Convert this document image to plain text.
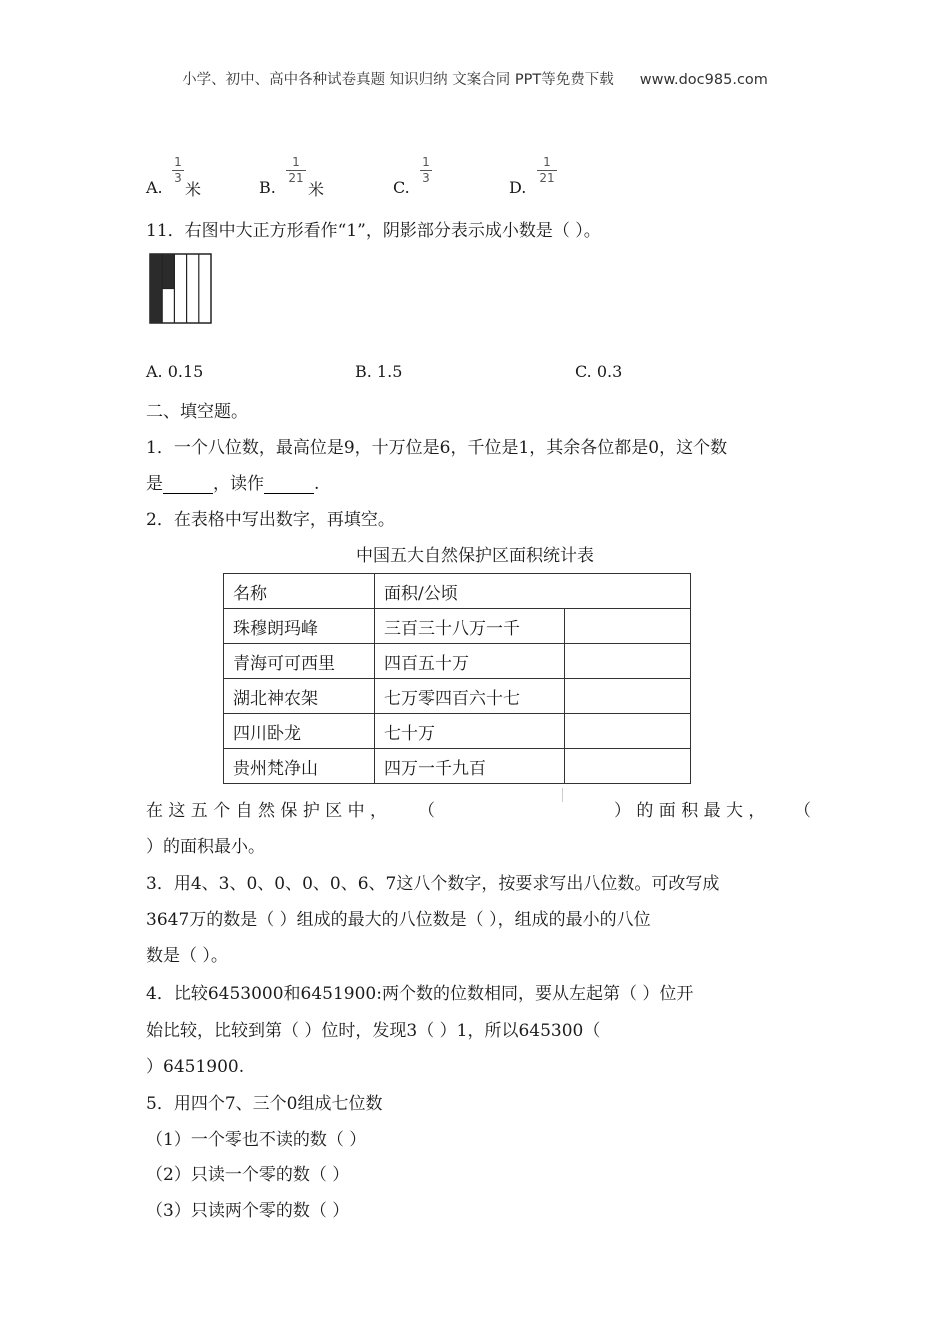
小学、初中、高中各种试卷真题 知识归纳 文案合同 PPT等免费下载 www.doc985.com
A.
1
3
米	B.
1
21
米	C.
1
3	D.
1
21
11．右图中大正方形看作“1”，阴影部分表示成小数是（ ）。
A. 0.15	B. 1.5	C. 0.3
二、填空题。
1．一个八位数，最高位是9，十万位是6，千位是1，其余各位都是0，这个数
是	，读作	.
2．在表格中写出数字，再填空。
中国五大自然保护区面积统计表
名称	面积/公顷	
珠穆朗玛峰	三百三十八万一千	
青海可可西里	四百五十万	
湖北神农架	七万零四百六十七	
四川卧龙	七十万	
贵州梵净山	四万一千九百	
在 这 五 个 自 然 保 护 区 中 ， （	） 的 面 积 最 大 ， （
）的面积最小。
3．用4、3、0、0、0、0、6、7这八个数字，按要求写出八位数。可改写成
3647万的数是（ ）组成的最大的八位数是（ ），组成的最小的八位
数是（ ）。
4．比较6453000和6451900:两个数的位数相同，要从左起第（ ）位开
始比较，比较到第（ ）位时，发现3（ ）1，所以645300（
）6451900.
5．用四个7、三个0组成七位数
（1）一个零也不读的数（ ）
（2）只读一个零的数（ ）
（3）只读两个零的数（ ）
